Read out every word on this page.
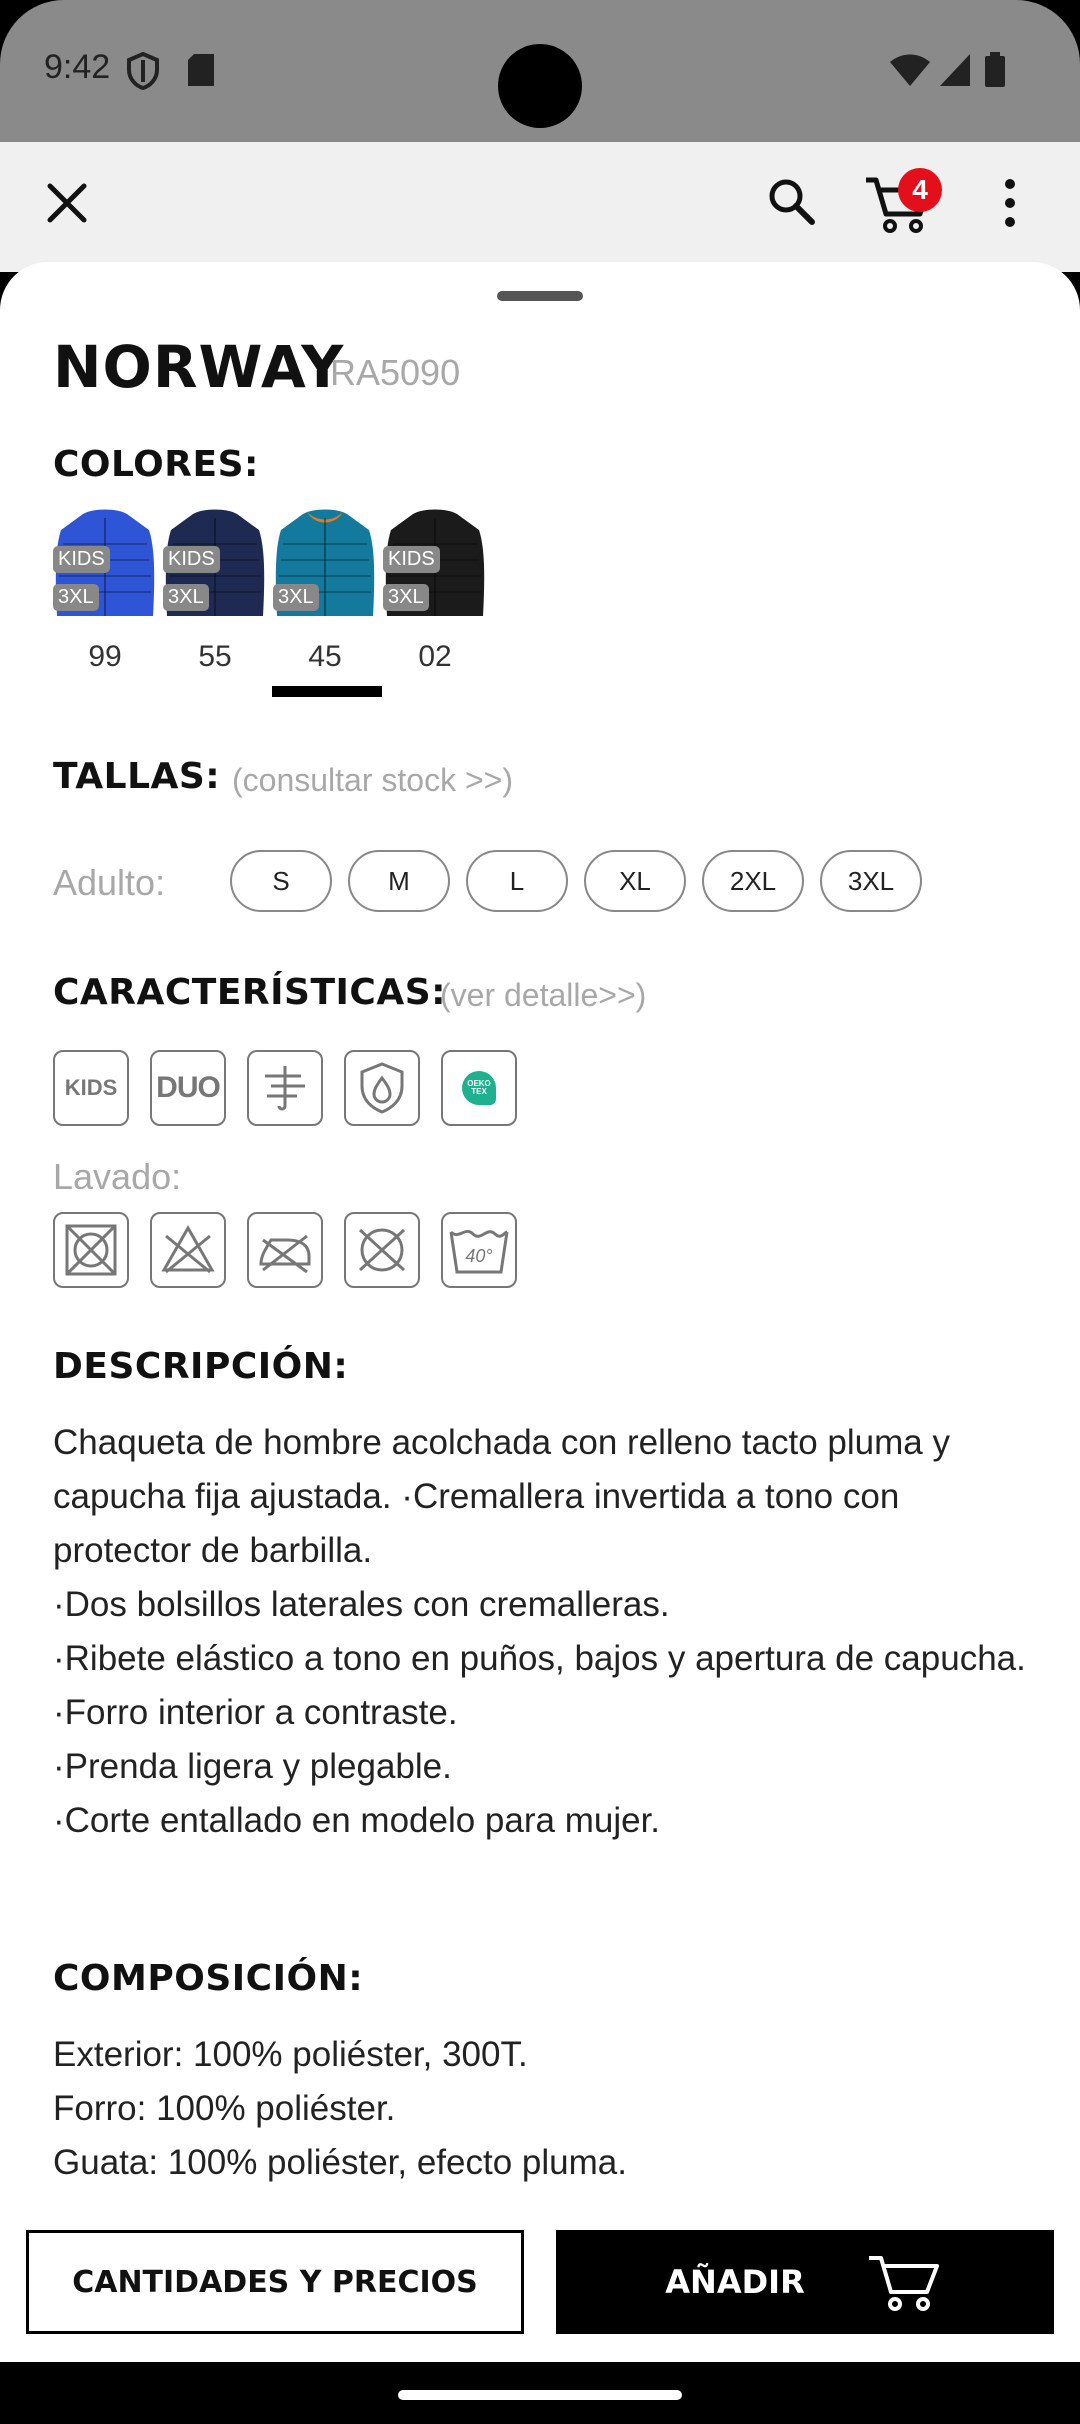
9:42
4
NORWAY
RA5090
COLORES:
KIDS
3XL
99
KIDS
3XL
55
3XL
45
KIDS
3XL
02
TALLAS: (consultar stock >>)
Adulto:	S	M	L	XL	2XL	3XL
CARACTERÍSTICAS:
(ver detalle>>)
KIDS DUO	OEKO TEX
Lavado:
40°
DESCRIPCIÓN:
Chaqueta de hombre acolchada con relleno tacto pluma y capucha fija ajustada. ·Cremallera invertida a tono con protector de barbilla.
·Dos bolsillos laterales con cremalleras.
·Ribete elástico a tono en puños, bajos y apertura de capucha.
·Forro interior a contraste.
·Prenda ligera y plegable.
·Corte entallado en modelo para mujer.
COMPOSICIÓN:
Exterior: 100% poliéster, 300T.
Forro: 100% poliéster.
Guata: 100% poliéster, efecto pluma.
CANTIDADES Y PRECIOS	AÑADIR
